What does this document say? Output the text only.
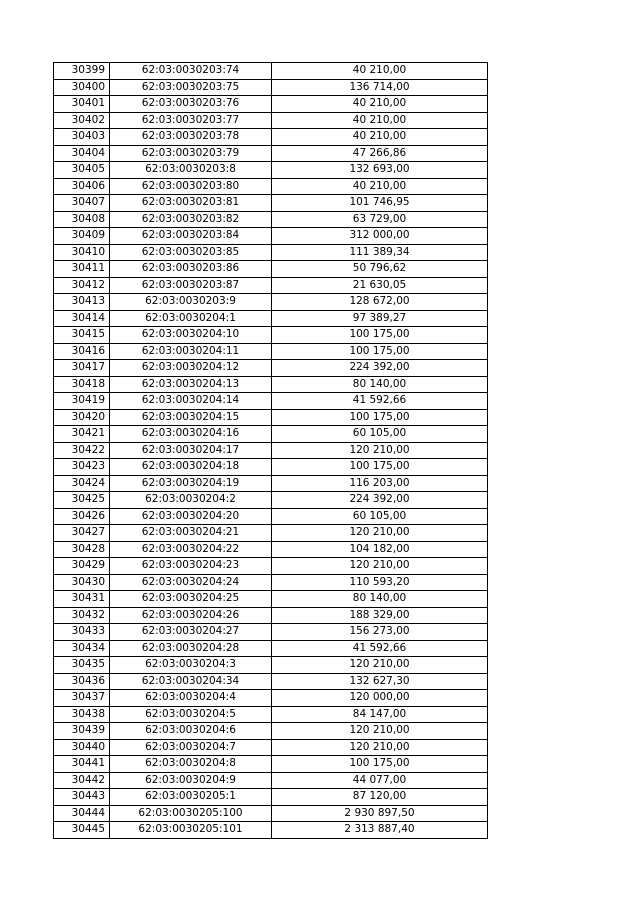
30399	62:03:0030203:74	40 210,00
30400	62:03:0030203:75	136 714,00
30401	62:03:0030203:76	40 210,00
30402	62:03:0030203:77	40 210,00
30403	62:03:0030203:78	40 210,00
30404	62:03:0030203:79	47 266,86
30405	62:03:0030203:8	132 693,00
30406	62:03:0030203:80	40 210,00
30407	62:03:0030203:81	101 746,95
30408	62:03:0030203:82	63 729,00
30409	62:03:0030203:84	312 000,00
30410	62:03:0030203:85	111 389,34
30411	62:03:0030203:86	50 796,62
30412	62:03:0030203:87	21 630,05
30413	62:03:0030203:9	128 672,00
30414	62:03:0030204:1	97 389,27
30415	62:03:0030204:10	100 175,00
30416	62:03:0030204:11	100 175,00
30417	62:03:0030204:12	224 392,00
30418	62:03:0030204:13	80 140,00
30419	62:03:0030204:14	41 592,66
30420	62:03:0030204:15	100 175,00
30421	62:03:0030204:16	60 105,00
30422	62:03:0030204:17	120 210,00
30423	62:03:0030204:18	100 175,00
30424	62:03:0030204:19	116 203,00
30425	62:03:0030204:2	224 392,00
30426	62:03:0030204:20	60 105,00
30427	62:03:0030204:21	120 210,00
30428	62:03:0030204:22	104 182,00
30429	62:03:0030204:23	120 210,00
30430	62:03:0030204:24	110 593,20
30431	62:03:0030204:25	80 140,00
30432	62:03:0030204:26	188 329,00
30433	62:03:0030204:27	156 273,00
30434	62:03:0030204:28	41 592,66
30435	62:03:0030204:3	120 210,00
30436	62:03:0030204:34	132 627,30
30437	62:03:0030204:4	120 000,00
30438	62:03:0030204:5	84 147,00
30439	62:03:0030204:6	120 210,00
30440	62:03:0030204:7	120 210,00
30441	62:03:0030204:8	100 175,00
30442	62:03:0030204:9	44 077,00
30443	62:03:0030205:1	87 120,00
30444	62:03:0030205:100	2 930 897,50
30445	62:03:0030205:101	2 313 887,40
